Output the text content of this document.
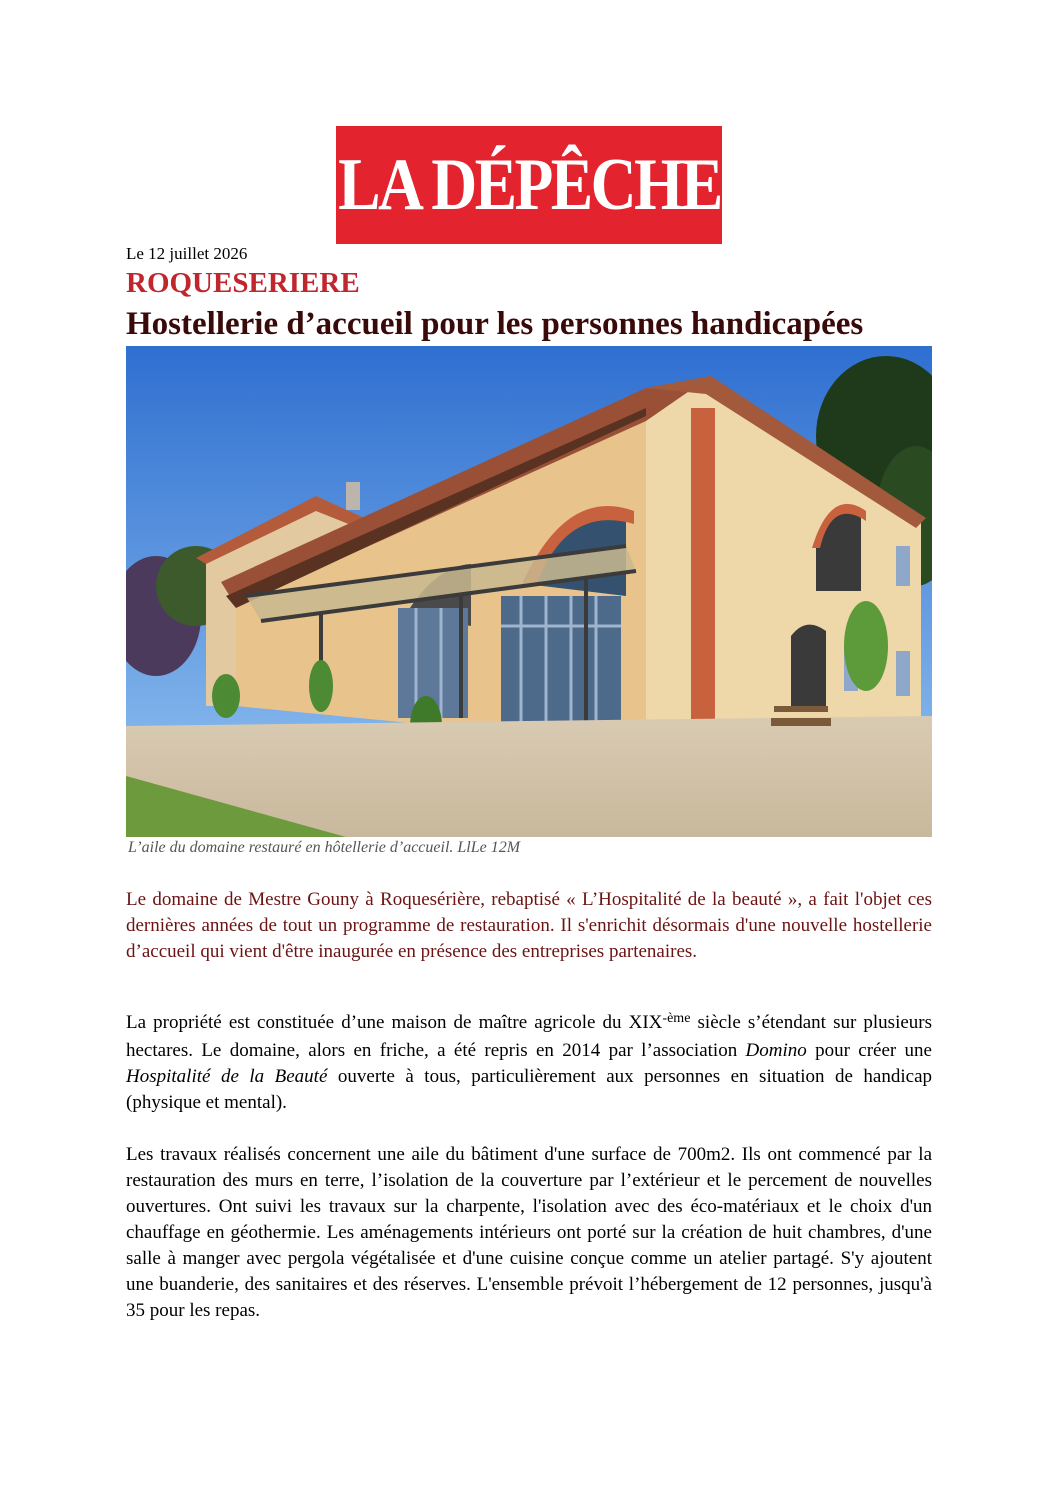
LA DÉPÊCHE
Le 12 juillet 2026
ROQUESERIERE
Hostellerie d’accueil pour les personnes handicapées
L’aile du domaine restauré en hôtellerie d’accueil. LlLe 12M

Le domaine de Mestre Gouny à Roquesérière, rebaptisé « L’Hospitalité de la beauté », a fait l'objet ces dernières années de tout un programme de restauration. Il s'enrichit désormais d'une nouvelle hostellerie d’accueil qui vient d'être inaugurée en présence des entreprises partenaires.

La propriété est constituée d’une maison de maître agricole du $XIX^{-ème}$ siècle s’étendant sur plusieurs hectares. Le domaine, alors en friche, a été repris en 2014 par l’association Domino pour créer une Hospitalité de la Beauté ouverte à tous, particulièrement aux personnes en situation de handicap (physique et mental).

Les travaux réalisés concernent une aile du bâtiment d'une surface de 700m2. Ils ont commencé par la restauration des murs en terre, l’isolation de la couverture par l’extérieur et le percement de nouvelles ouvertures. Ont suivi les travaux sur la charpente, l'isolation avec des éco-matériaux et le choix d'un chauffage en géothermie. Les aménagements intérieurs ont porté sur la création de huit chambres, d'une salle à manger avec pergola végétalisée et d'une cuisine conçue comme un atelier partagé. S'y ajoutent une buanderie, des sanitaires et des réserves. L'ensemble prévoit l’hébergement de 12 personnes, jusqu'à 35 pour les repas.
